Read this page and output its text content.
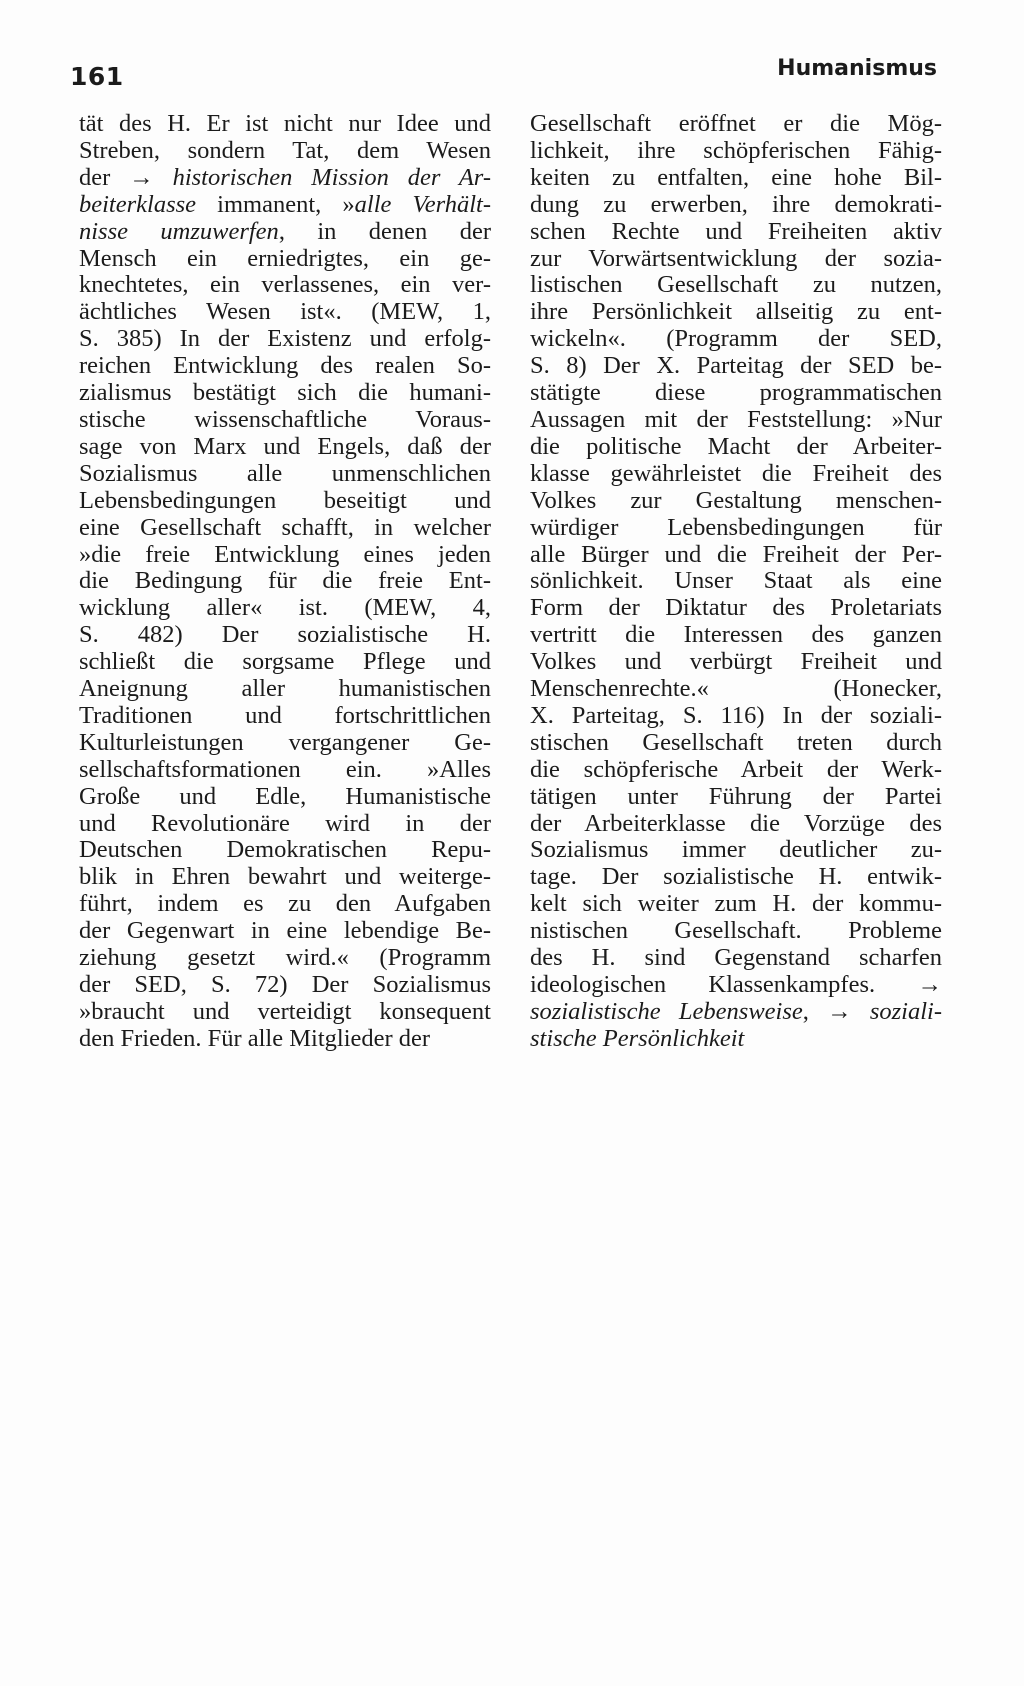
161	Humanismus
tät des H. Er ist nicht nur Idee und
Streben, sondern Tat, dem Wesen
der → historischen Mission der Ar-
beiterklasse immanent, »alle Verhält-
nisse umzuwerfen, in denen der
Mensch ein erniedrigtes, ein ge-
knechtetes, ein verlassenes, ein ver-
ächtliches Wesen ist«. (MEW, 1,
S. 385) In der Existenz und erfolg-
reichen Entwicklung des realen So-
zialismus bestätigt sich die humani-
stische wissenschaftliche Voraus-
sage von Marx und Engels, daß der
Sozialismus alle unmenschlichen
Lebensbedingungen beseitigt und
eine Gesellschaft schafft, in welcher
»die freie Entwicklung eines jeden
die Bedingung für die freie Ent-
wicklung aller« ist. (MEW, 4,
S. 482) Der sozialistische H.
schließt die sorgsame Pflege und
Aneignung aller humanistischen
Traditionen und fortschrittlichen
Kulturleistungen vergangener Ge-
sellschaftsformationen ein. »Alles
Große und Edle, Humanistische
und Revolutionäre wird in der
Deutschen Demokratischen Repu-
blik in Ehren bewahrt und weiterge-
führt, indem es zu den Aufgaben
der Gegenwart in eine lebendige Be-
ziehung gesetzt wird.« (Programm
der SED, S. 72) Der Sozialismus
»braucht und verteidigt konsequent
den Frieden. Für alle Mitglieder der
Gesellschaft eröffnet er die Mög-
lichkeit, ihre schöpferischen Fähig-
keiten zu entfalten, eine hohe Bil-
dung zu erwerben, ihre demokrati-
schen Rechte und Freiheiten aktiv
zur Vorwärtsentwicklung der sozia-
listischen Gesellschaft zu nutzen,
ihre Persönlichkeit allseitig zu ent-
wickeln«. (Programm der SED,
S. 8) Der X. Parteitag der SED be-
stätigte diese programmatischen
Aussagen mit der Feststellung: »Nur
die politische Macht der Arbeiter-
klasse gewährleistet die Freiheit des
Volkes zur Gestaltung menschen-
würdiger Lebensbedingungen für
alle Bürger und die Freiheit der Per-
sönlichkeit. Unser Staat als eine
Form der Diktatur des Proletariats
vertritt die Interessen des ganzen
Volkes und verbürgt Freiheit und
Menschenrechte.« (Honecker,
X. Parteitag, S. 116) In der soziali-
stischen Gesellschaft treten durch
die schöpferische Arbeit der Werk-
tätigen unter Führung der Partei
der Arbeiterklasse die Vorzüge des
Sozialismus immer deutlicher zu-
tage. Der sozialistische H. entwik-
kelt sich weiter zum H. der kommu-
nistischen Gesellschaft. Probleme
des H. sind Gegenstand scharfen
ideologischen Klassenkampfes. →
sozialistische Lebensweise, → soziali-
stische Persönlichkeit
